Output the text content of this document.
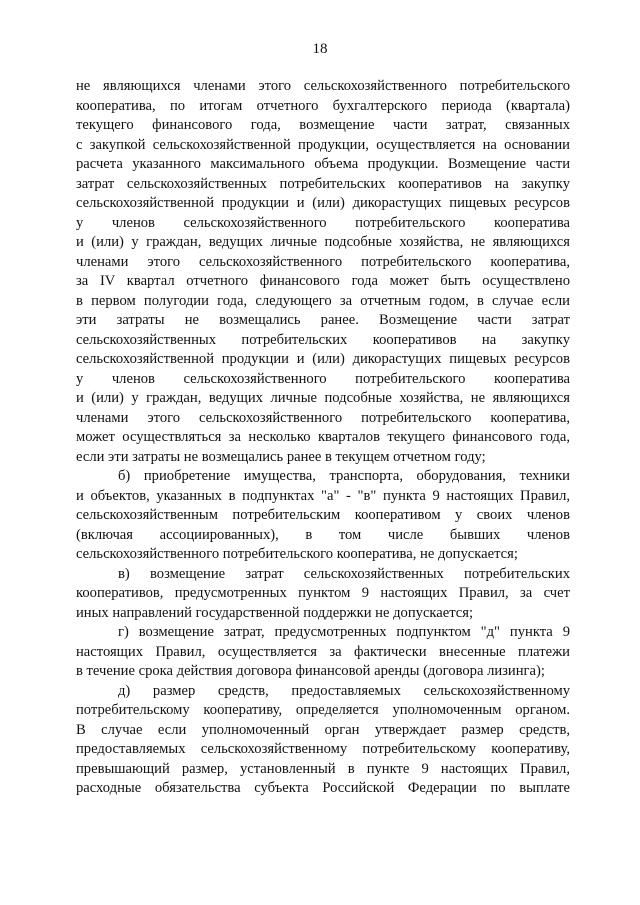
18
не являющихся членами этого сельскохозяйственного потребительского
кооператива, по итогам отчетного бухгалтерского периода (квартала)
текущего финансового года, возмещение части затрат, связанных
с закупкой сельскохозяйственной продукции, осуществляется на основании
расчета указанного максимального объема продукции. Возмещение части
затрат сельскохозяйственных потребительских кооперативов на закупку
сельскохозяйственной продукции и (или) дикорастущих пищевых ресурсов
у членов сельскохозяйственного потребительского кооператива
и (или) у граждан, ведущих личные подсобные хозяйства, не являющихся
членами этого сельскохозяйственного потребительского кооператива,
за IV квартал отчетного финансового года может быть осуществлено
в первом полугодии года, следующего за отчетным годом, в случае если
эти затраты не возмещались ранее. Возмещение части затрат
сельскохозяйственных потребительских кооперативов на закупку
сельскохозяйственной продукции и (или) дикорастущих пищевых ресурсов
у членов сельскохозяйственного потребительского кооператива
и (или) у граждан, ведущих личные подсобные хозяйства, не являющихся
членами этого сельскохозяйственного потребительского кооператива,
может осуществляться за несколько кварталов текущего финансового года,
если эти затраты не возмещались ранее в текущем отчетном году;
б) приобретение имущества, транспорта, оборудования, техники
и объектов, указанных в подпунктах "а" - "в" пункта 9 настоящих Правил,
сельскохозяйственным потребительским кооперативом у своих членов
(включая ассоциированных), в том числе бывших членов
сельскохозяйственного потребительского кооператива, не допускается;
в) возмещение затрат сельскохозяйственных потребительских
кооперативов, предусмотренных пунктом 9 настоящих Правил, за счет
иных направлений государственной поддержки не допускается;
г) возмещение затрат, предусмотренных подпунктом "д" пункта 9
настоящих Правил, осуществляется за фактически внесенные платежи
в течение срока действия договора финансовой аренды (договора лизинга);
д) размер средств, предоставляемых сельскохозяйственному
потребительскому кооперативу, определяется уполномоченным органом.
В случае если уполномоченный орган утверждает размер средств,
предоставляемых сельскохозяйственному потребительскому кооперативу,
превышающий размер, установленный в пункте 9 настоящих Правил,
расходные обязательства субъекта Российской Федерации по выплате
